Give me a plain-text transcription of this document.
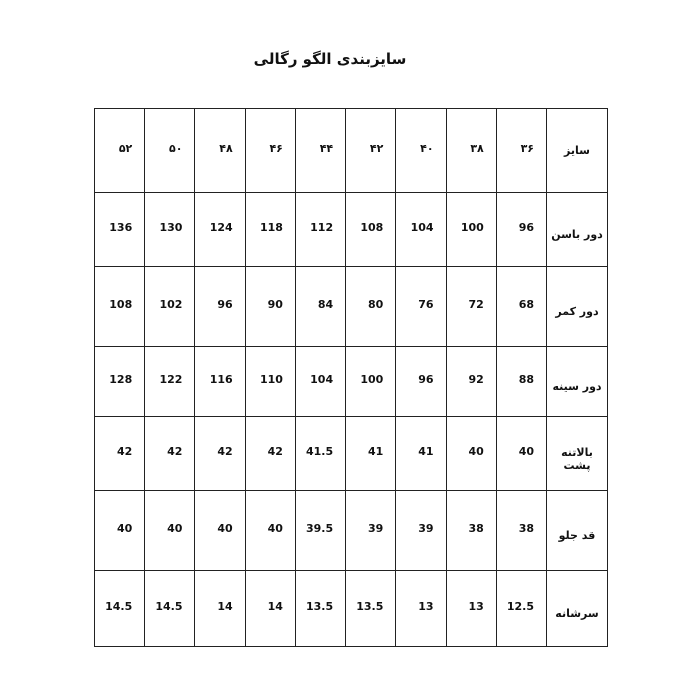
سایزبندی الگو رگالی
سایز	۳۶	۳۸	۴۰	۴۲	۴۴	۴۶	۴۸	۵۰	۵۲
دور باسن	96	100	104	108	112	118	124	130	136
دور کمر	68	72	76	80	84	90	96	102	108
دور سینه	88	92	96	100	104	110	116	122	128
بالاتنه پشت	40	40	41	41	41.5	42	42	42	42
قد جلو	38	38	39	39	39.5	40	40	40	40
سرشانه	12.5	13	13	13.5	13.5	14	14	14.5	14.5
